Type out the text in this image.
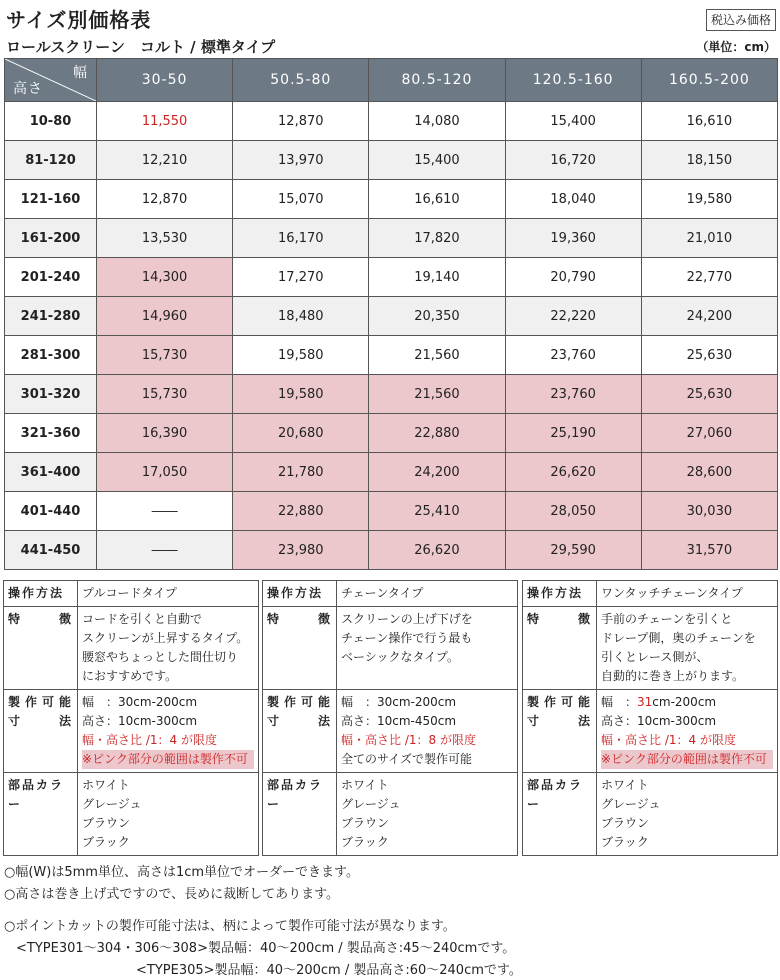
サイズ別価格表	税込み価格
ロールスクリーン　コルト / 標準タイプ	（単位：cm）
幅
高さ	30-50	50.5-80	80.5-120	120.5-160	160.5-200
10-80	11,550	12,870	14,080	15,400	16,610
81-120	12,210	13,970	15,400	16,720	18,150
121-160	12,870	15,070	16,610	18,040	19,580
161-200	13,530	16,170	17,820	19,360	21,010
201-240	14,300	17,270	19,140	20,790	22,770
241-280	14,960	18,480	20,350	22,220	24,200
281-300	15,730	19,580	21,560	23,760	25,630
301-320	15,730	19,580	21,560	23,760	25,630
321-360	16,390	20,680	22,880	25,190	27,060
361-400	17,050	21,780	24,200	26,620	28,600
401-440	――	22,880	25,410	28,050	30,030
441-450	――	23,980	26,620	29,590	31,570
操作方法	プルコードタイプ
特　徴	コードを引くと自動で
スクリーンが上昇するタイプ。
腰窓やちょっとした間仕切り
におすすめです。

製作可能
寸　法	幅　：30cm-200cm
高さ：10cm-300cm
幅・高さ比 /1：4 が限度
※ピンク部分の範囲は製作不可

部品カラー	ホワイト
グレージュ
ブラウン
ブラック
操作方法	チェーンタイプ
特　徴	スクリーンの上げ下げを
チェーン操作で行う最も
ベーシックなタイプ。

製作可能
寸　法	幅　：30cm-200cm
高さ：10cm-450cm
幅・高さ比 /1：8 が限度
全てのサイズで製作可能

部品カラー	ホワイト
グレージュ
ブラウン
ブラック
操作方法	ワンタッチチェーンタイプ
特　徴	手前のチェーンを引くと
ドレープ側，奥のチェーンを
引くとレース側が、
自動的に巻き上がります。

製作可能
寸　法	幅　：31cm-200cm
高さ：10cm-300cm
幅・高さ比 /1：4 が限度
※ピンク部分の範囲は製作不可

部品カラー	ホワイト
グレージュ
ブラウン
ブラック
○幅(W)は5mm単位、高さは1cm単位でオーダーできます。
○高さは巻き上げ式ですので、長めに裁断してあります。
○ポイントカットの製作可能寸法は、柄によって製作可能寸法が異なります。
<TYPE301～304・306～308>製品幅：40～200cm / 製品高さ:45～240cmです。
<TYPE305>製品幅：40～200cm / 製品高さ:60～240cmです。
